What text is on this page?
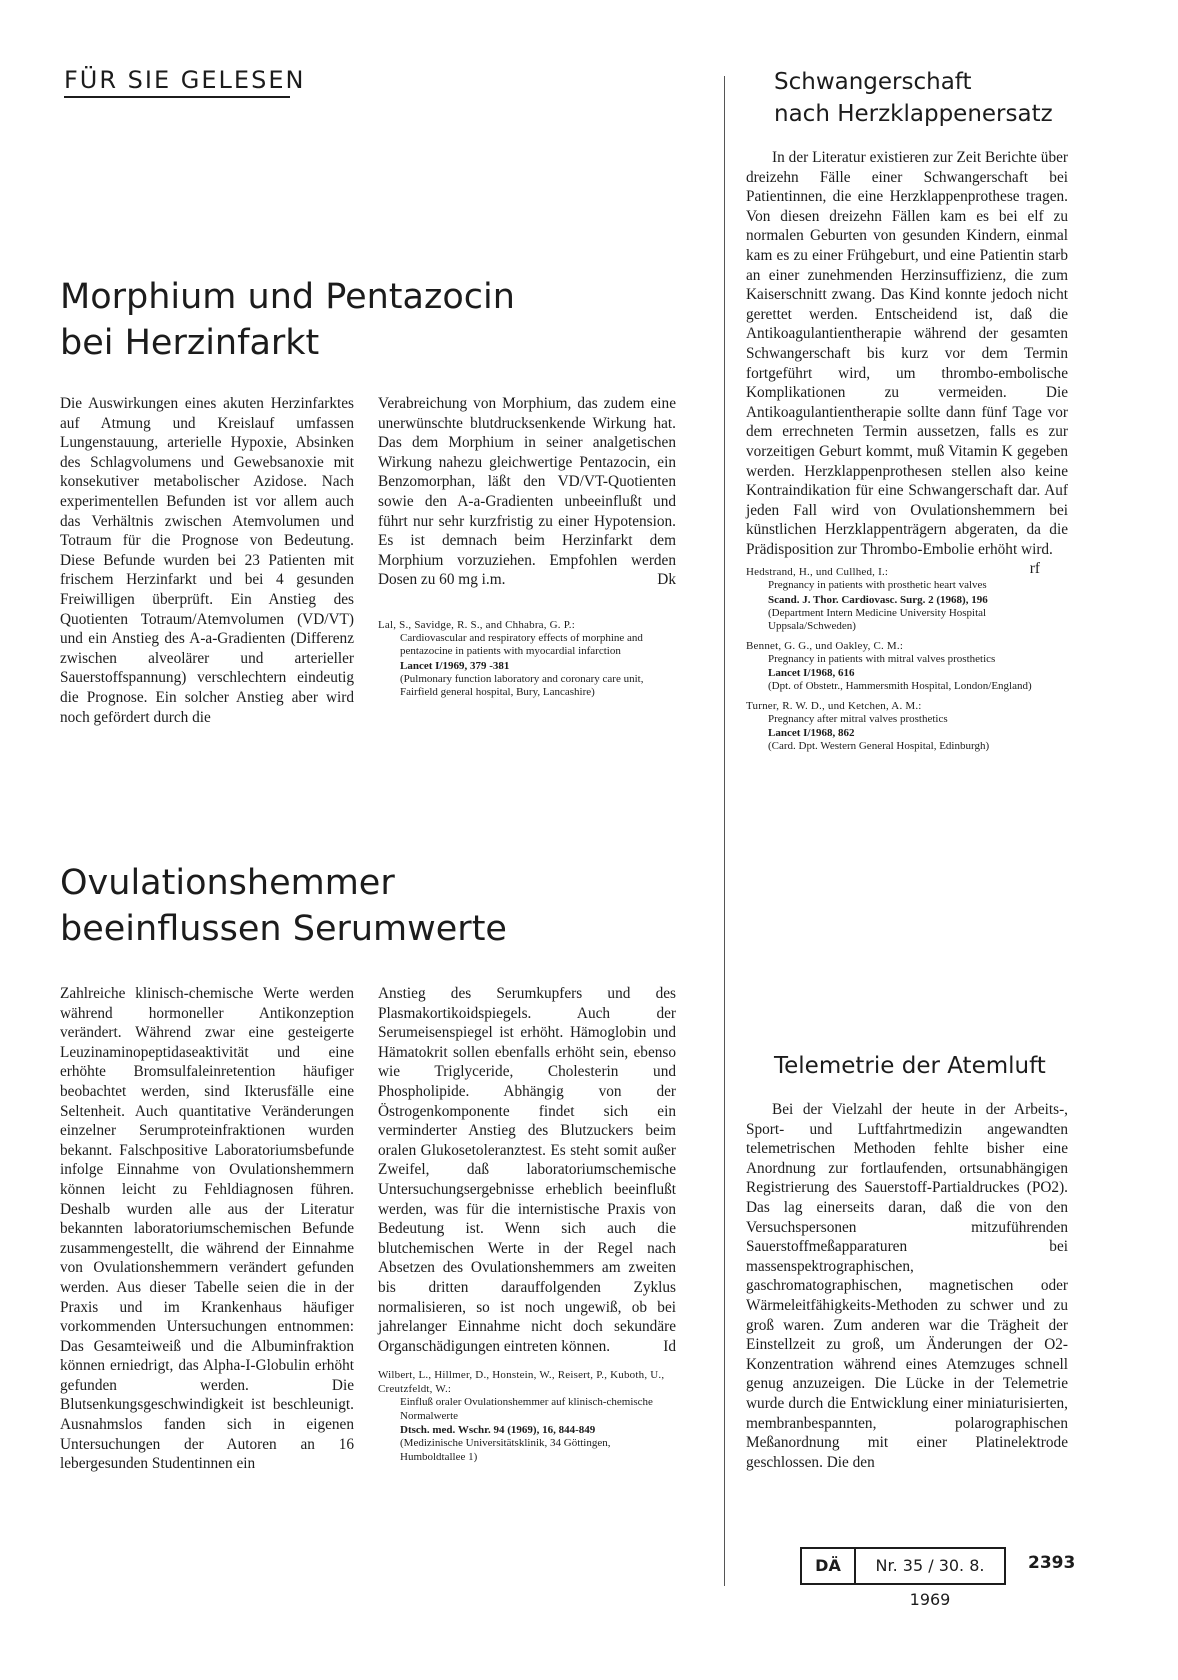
FÜR SIE GELESEN
Morphium und Pentazocin
bei Herzinfarkt

Die Auswirkungen eines akuten Herzinfarktes auf Atmung und Kreislauf umfassen Lungenstauung, arterielle Hypoxie, Absinken des Schlagvolumens und Gewebsanoxie mit konsekutiver metabolischer Azidose. Nach experimentellen Befunden ist vor allem auch das Verhältnis zwischen Atemvolumen und Totraum für die Prognose von Bedeutung. Diese Befunde wurden bei 23 Patienten mit frischem Herzinfarkt und bei 4 gesunden Freiwilligen überprüft. Ein Anstieg des Quotienten Totraum/Atemvolumen (VD/VT) und ein Anstieg des A-a-Gradienten (Differenz zwischen alveolärer und arterieller Sauerstoffspannung) verschlechtern eindeutig die Prognose. Ein solcher Anstieg aber wird noch gefördert durch die

Verabreichung von Morphium, das zudem eine unerwünschte blutdrucksenkende Wirkung hat. Das dem Morphium in seiner analgetischen Wirkung nahezu gleichwertige Pentazocin, ein Benzomorphan, läßt den VD/VT-Quotienten sowie den A-a-Gradienten unbeeinflußt und führt nur sehr kurzfristig zu einer Hypotension. Es ist demnach beim Herzinfarkt dem Morphium vorzuziehen. Empfohlen werden Dosen zu 60 mg i.m.	Dk

Lal, S., Savidge, R. S., and Chhabra, G. P.:

Cardiovascular and respiratory effects of morphine and pentazocine in patients with myocardial infarction

Lancet I/1969, 379 -381

(Pulmonary function laboratory and coronary care unit, Fairfield general hospital, Bury, Lancashire)

Ovulationshemmer
beeinflussen Serumwerte

Zahlreiche klinisch-chemische Werte werden während hormoneller Antikonzeption verändert. Während zwar eine gesteigerte Leuzinaminopeptidaseaktivität und eine erhöhte Bromsulfaleinretention häufiger beobachtet werden, sind Ikterusfälle eine Seltenheit. Auch quantitative Veränderungen einzelner Serumproteinfraktionen wurden bekannt. Falschpositive Laboratoriumsbefunde infolge Einnahme von Ovulationshemmern können leicht zu Fehldiagnosen führen. Deshalb wurden alle aus der Literatur bekannten laboratoriumschemischen Befunde zusammengestellt, die während der Einnahme von Ovulationshemmern verändert gefunden werden. Aus dieser Tabelle seien die in der Praxis und im Krankenhaus häufiger vorkommenden Untersuchungen entnommen: Das Gesamteiweiß und die Albuminfraktion können erniedrigt, das Alpha-I-Globulin erhöht gefunden werden. Die Blutsenkungsgeschwindigkeit ist beschleunigt. Ausnahmslos fanden sich in eigenen Untersuchungen der Autoren an 16 lebergesunden Studentinnen ein

Anstieg des Serumkupfers und des Plasmakortikoidspiegels. Auch der Serumeisenspiegel ist erhöht. Hämoglobin und Hämatokrit sollen ebenfalls erhöht sein, ebenso wie Triglyceride, Cholesterin und Phospholipide. Abhängig von der Östrogenkomponente findet sich ein verminderter Anstieg des Blutzuckers beim oralen Glukosetoleranztest. Es steht somit außer Zweifel, daß laboratoriumschemische Untersuchungsergebnisse erheblich beeinflußt werden, was für die internistische Praxis von Bedeutung ist. Wenn sich auch die blutchemischen Werte in der Regel nach Absetzen des Ovulationshemmers am zweiten bis dritten darauffolgenden Zyklus normalisieren, so ist noch ungewiß, ob bei jahrelanger Einnahme nicht doch sekundäre Organschädigungen eintreten können.	Id

Wilbert, L., Hillmer, D., Honstein, W., Reisert, P., Kuboth, U., Creutzfeldt, W.:

Einfluß oraler Ovulationshemmer auf klinisch-chemische Normalwerte

Dtsch. med. Wschr. 94 (1969), 16, 844-849

(Medizinische Universitätsklinik, 34 Göttingen, Humboldtallee 1)

Schwangerschaft
nach Herzklappenersatz

In der Literatur existieren zur Zeit Berichte über dreizehn Fälle einer Schwangerschaft bei Patientinnen, die eine Herzklappenprothese tragen. Von diesen dreizehn Fällen kam es bei elf zu normalen Geburten von gesunden Kindern, einmal kam es zu einer Frühgeburt, und eine Patientin starb an einer zunehmenden Herzinsuffizienz, die zum Kaiserschnitt zwang. Das Kind konnte jedoch nicht gerettet werden. Entscheidend ist, daß die Antikoagulantientherapie während der gesamten Schwangerschaft bis kurz vor dem Termin fortgeführt wird, um thrombo-embolische Komplikationen zu vermeiden. Die Antikoagulantientherapie sollte dann fünf Tage vor dem errechneten Termin aussetzen, falls es zur vorzeitigen Geburt kommt, muß Vitamin K gegeben werden. Herzklappenprothesen stellen also keine Kontraindikation für eine Schwangerschaft dar. Auf jeden Fall wird von Ovulationshemmern bei künstlichen Herzklappenträgern abgeraten, da die Prädisposition zur Thrombo-Embolie erhöht wird.
rf

Hedstrand, H., und Cullhed, I.:

Pregnancy in patients with prosthetic heart valves

Scand. J. Thor. Cardiovasc. Surg. 2 (1968), 196

(Department Intern Medicine University Hospital Uppsala/Schweden)

Bennet, G. G., und Oakley, C. M.:

Pregnancy in patients with mitral valves prosthetics

Lancet I/1968, 616

(Dpt. of Obstetr., Hammersmith Hospital, London/England)

Turner, R. W. D., und Ketchen, A. M.:

Pregnancy after mitral valves prosthetics

Lancet I/1968, 862

(Card. Dpt. Western General Hospital, Edinburgh)

Telemetrie der Atemluft

Bei der Vielzahl der heute in der Arbeits-, Sport- und Luftfahrtmedizin angewandten telemetrischen Methoden fehlte bisher eine Anordnung zur fortlaufenden, ortsunabhängigen Registrierung des Sauerstoff-Partialdruckes (PO2). Das lag einerseits daran, daß die von den Versuchspersonen mitzuführenden Sauerstoffmeßapparaturen bei massenspektrographischen, gaschromatographischen, magnetischen oder Wärmeleitfähigkeits-Methoden zu schwer und zu groß waren. Zum anderen war die Trägheit der Einstellzeit zu groß, um Änderungen der O2-Konzentration während eines Atemzuges schnell genug anzuzeigen. Die Lücke in der Telemetrie wurde durch die Entwicklung einer miniaturisierten, membranbespannten, polarographischen Meßanordnung mit einer Platinelektrode geschlossen. Die den

DÄ	Nr. 35 / 30. 8. 1969
2393
